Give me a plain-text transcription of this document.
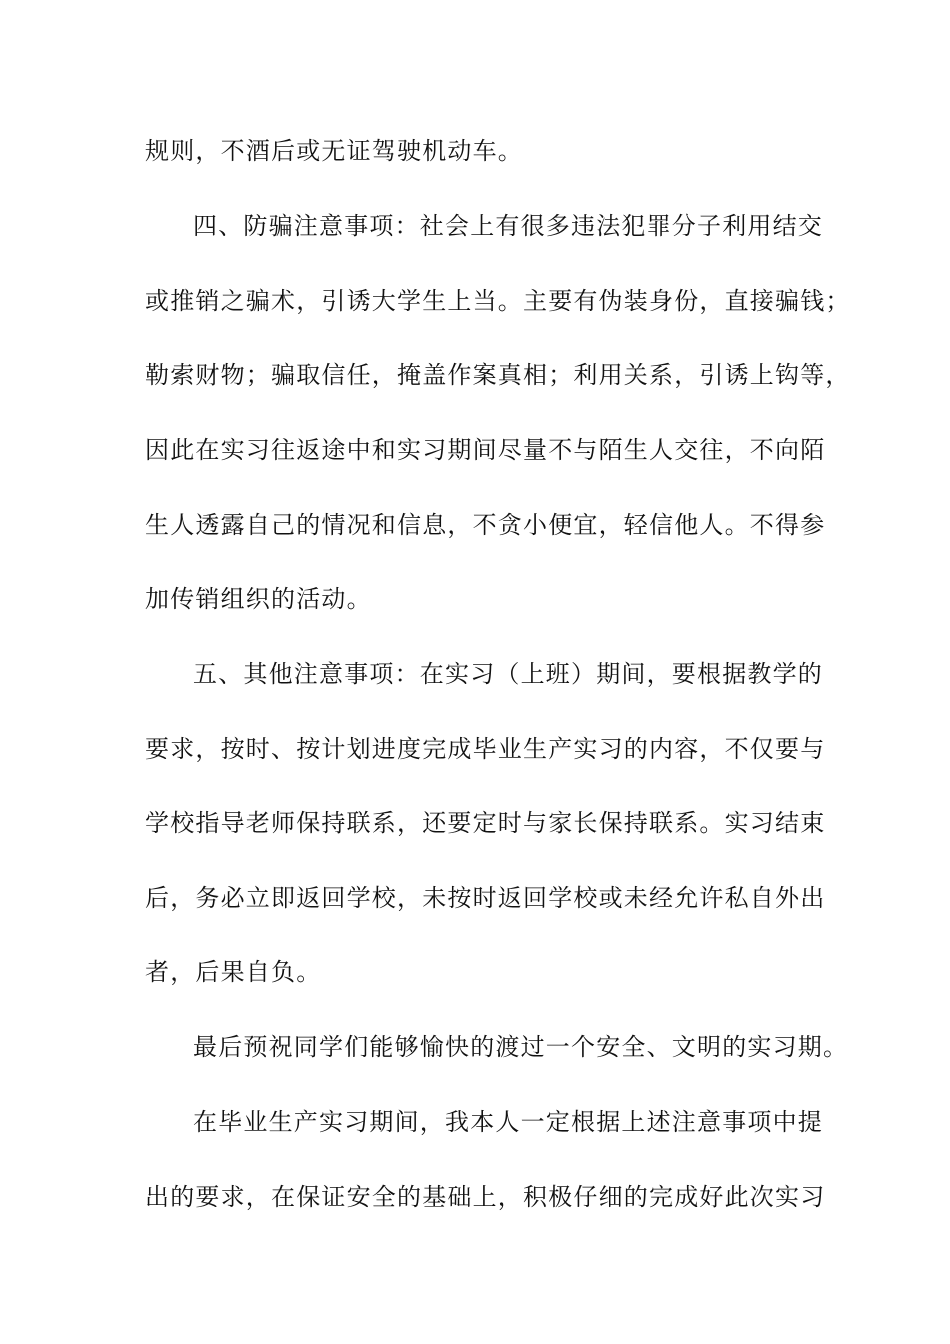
规则，不酒后或无证驾驶机动车。
四、防骗注意事项：社会上有很多违法犯罪分子利用结交
或推销之骗术，引诱大学生上当。主要有伪装身份，直接骗钱；
勒索财物；骗取信任，掩盖作案真相；利用关系，引诱上钩等，
因此在实习往返途中和实习期间尽量不与陌生人交往，不向陌
生人透露自己的情况和信息，不贪小便宜，轻信他人。不得参
加传销组织的活动。
五、其他注意事项：在实习（上班）期间，要根据教学的
要求，按时、按计划进度完成毕业生产实习的内容，不仅要与
学校指导老师保持联系，还要定时与家长保持联系。实习结束
后，务必立即返回学校，未按时返回学校或未经允许私自外出
者，后果自负。
最后预祝同学们能够愉快的渡过一个安全、文明的实习期。
在毕业生产实习期间，我本人一定根据上述注意事项中提
出的要求，在保证安全的基础上，积极仔细的完成好此次实习
